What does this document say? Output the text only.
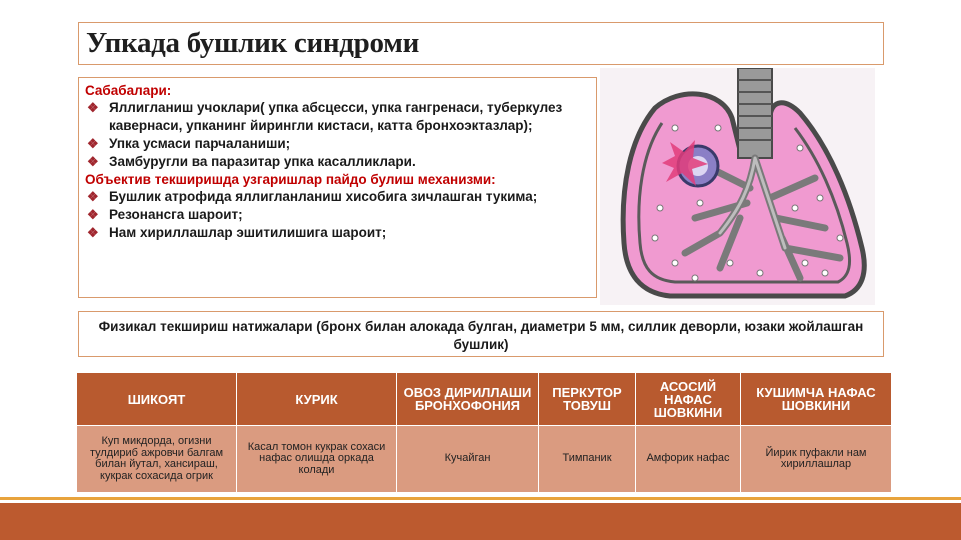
Упкада бушлик синдроми
Сабабалари:
❖ Яллигланиш учоклари( упка абсцесси, упка гангренаси, туберкулез кавернаси, упканинг йирингли кистаси, катта бронхоэктазлар);
❖ Упка усмаси парчаланиши;
❖ Замбуругли ва паразитар упка касалликлари.
Объектив текширишда узгаришлар пайдо булиш механизми:
❖ Бушлик атрофида яллигланланиш хисобига зичлашган тукима;
❖ Резонансга шароит;
❖ Нам хириллашлар эшитилишига шароит;
Физикал текшириш натижалари (бронх билан алокада булган, диаметри 5 мм, силлик деворли, юзаки жойлашган бушлик)
ШИКОЯТ	КУРИК	ОВОЗ ДИРИЛЛАШИ БРОНХОФОНИЯ	ПЕРКУТОР ТОВУШ	АСОСИЙ НАФАС ШОВКИНИ	КУШИМЧА НАФАС ШОВКИНИ
Куп микдорда, огизни тулдириб ажровчи балгам билан йутал, хансираш, кукрак сохасида огрик	Касал томон кукрак сохаси нафас олишда оркада колади	Кучайган	Тимпаник	Амфорик нафас	Йирик пуфакли нам хириллашлар
